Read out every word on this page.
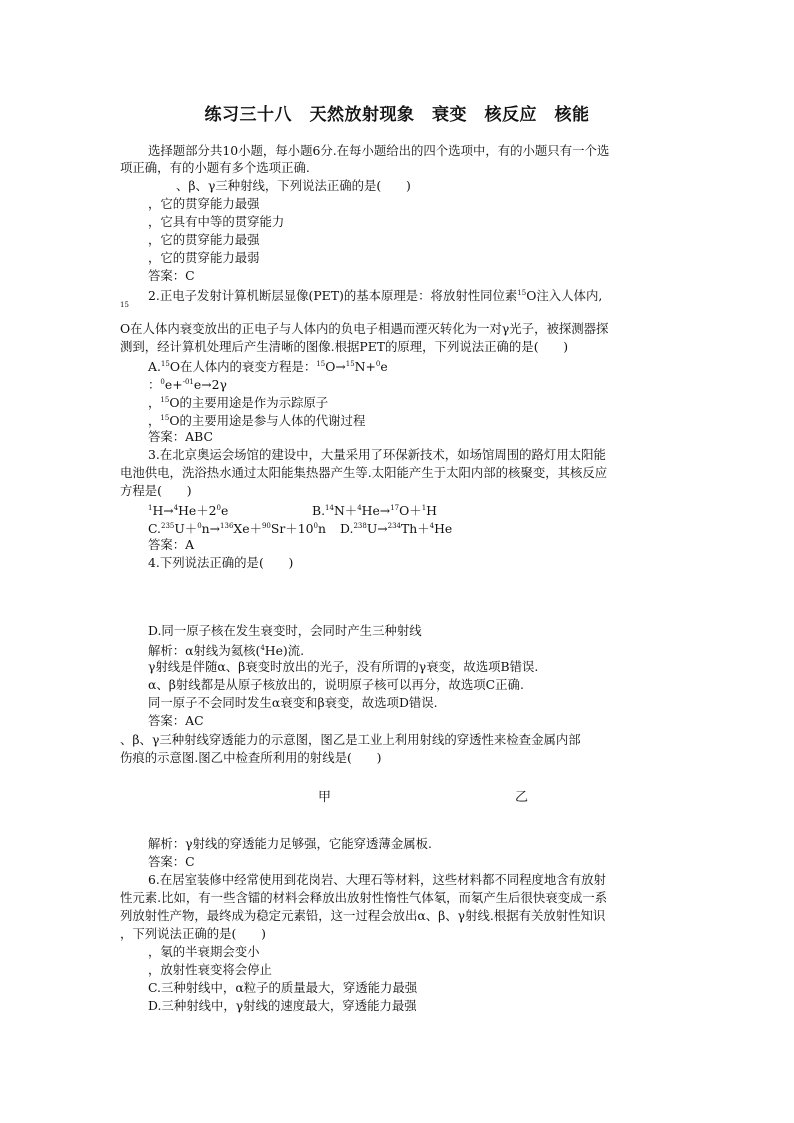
练习三十八　天然放射现象　衰变　核反应　核能
选择题部分共10小题，每小题6分.在每小题给出的四个选项中，有的小题只有一个选
项正确，有的小题有多个选项正确.
、β、γ三种射线，下列说法正确的是(　　)
，它的贯穿能力最强
，它具有中等的贯穿能力
，它的贯穿能力最强
，它的贯穿能力最弱
答案：C
2.正电子发射计算机断层显像(PET)的基本原理是：将放射性同位素$^{15}$O注入人体内,
15
O在人体内衰变放出的正电子与人体内的负电子相遇而湮灭转化为一对γ光子，被探测器探
测到，经计算机处理后产生清晰的图像.根据PET的原理，下列说法正确的是(　　)
A.$^{15}$O在人体内的衰变方程是：$^{15}$O→$^{15}$N+$^0$e
：$^0$e+$^{-01}$e→2γ
，$^{15}$O的主要用途是作为示踪原子
，$^{15}$O的主要用途是参与人体的代谢过程
答案：ABC
3.在北京奥运会场馆的建设中，大量采用了环保新技术，如场馆周围的路灯用太阳能
电池供电，洗浴热水通过太阳能集热器产生等.太阳能产生于太阳内部的核聚变，其核反应
方程是(　　)
$^1H\to^4He+2^0e$	B.$^{14}$N＋$^4$He→$^{17}$O＋$^1$H
$C.^{235}U+^0n\to^{136}Xe+^{90}Sr+10^0n$ D.$^{238}$U→$^{234}$Th＋$^4$He
答案：A
4.下列说法正确的是(　　)
D.同一原子核在发生衰变时，会同时产生三种射线
解析：α射线为氦核($^4$He)流.
γ射线是伴随α、β衰变时放出的光子，没有所谓的γ衰变，故选项B错误.
α、β射线都是从原子核放出的，说明原子核可以再分，故选项C正确.
同一原子不会同时发生α衰变和β衰变，故选项D错误.
答案：AC
、β、γ三种射线穿透能力的示意图，图乙是工业上利用射线的穿透性来检查金属内部
伤痕的示意图.图乙中检查所利用的射线是(　　)
甲	乙
解析：γ射线的穿透能力足够强，它能穿透薄金属板.
答案：C
6.在居室装修中经常使用到花岗岩、大理石等材料，这些材料都不同程度地含有放射
性元素.比如，有一些含镭的材料会释放出放射性惰性气体氡，而氡产生后很快衰变成一系
列放射性产物，最终成为稳定元素铅，这一过程会放出α、β、γ射线.根据有关放射性知识
，下列说法正确的是(　　)
，氡的半衰期会变小
，放射性衰变将会停止
C.三种射线中，α粒子的质量最大，穿透能力最强
D.三种射线中，γ射线的速度最大，穿透能力最强
